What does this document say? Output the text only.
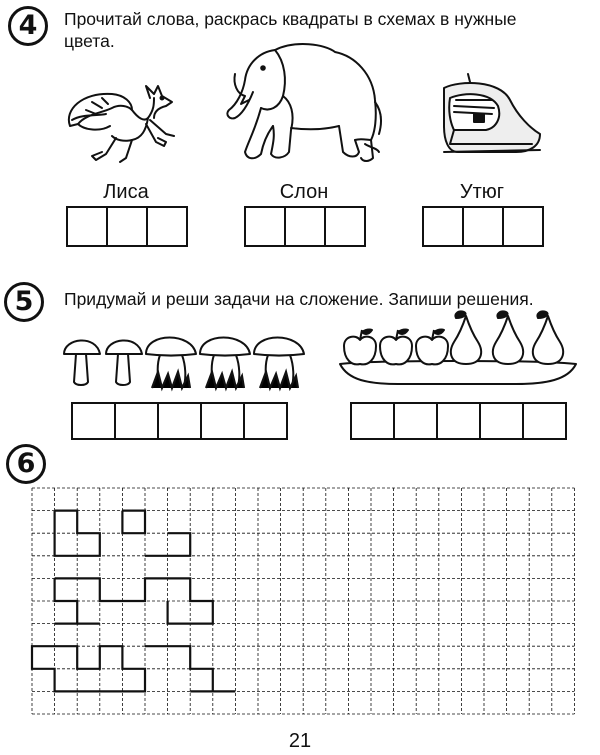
4	Прочитай слова, раскрась квадраты в схемах в нужные цвета.
Лиса	Слон	Утюг
5	Придумай и реши задачи на сложение. Запиши решения.
6
21
